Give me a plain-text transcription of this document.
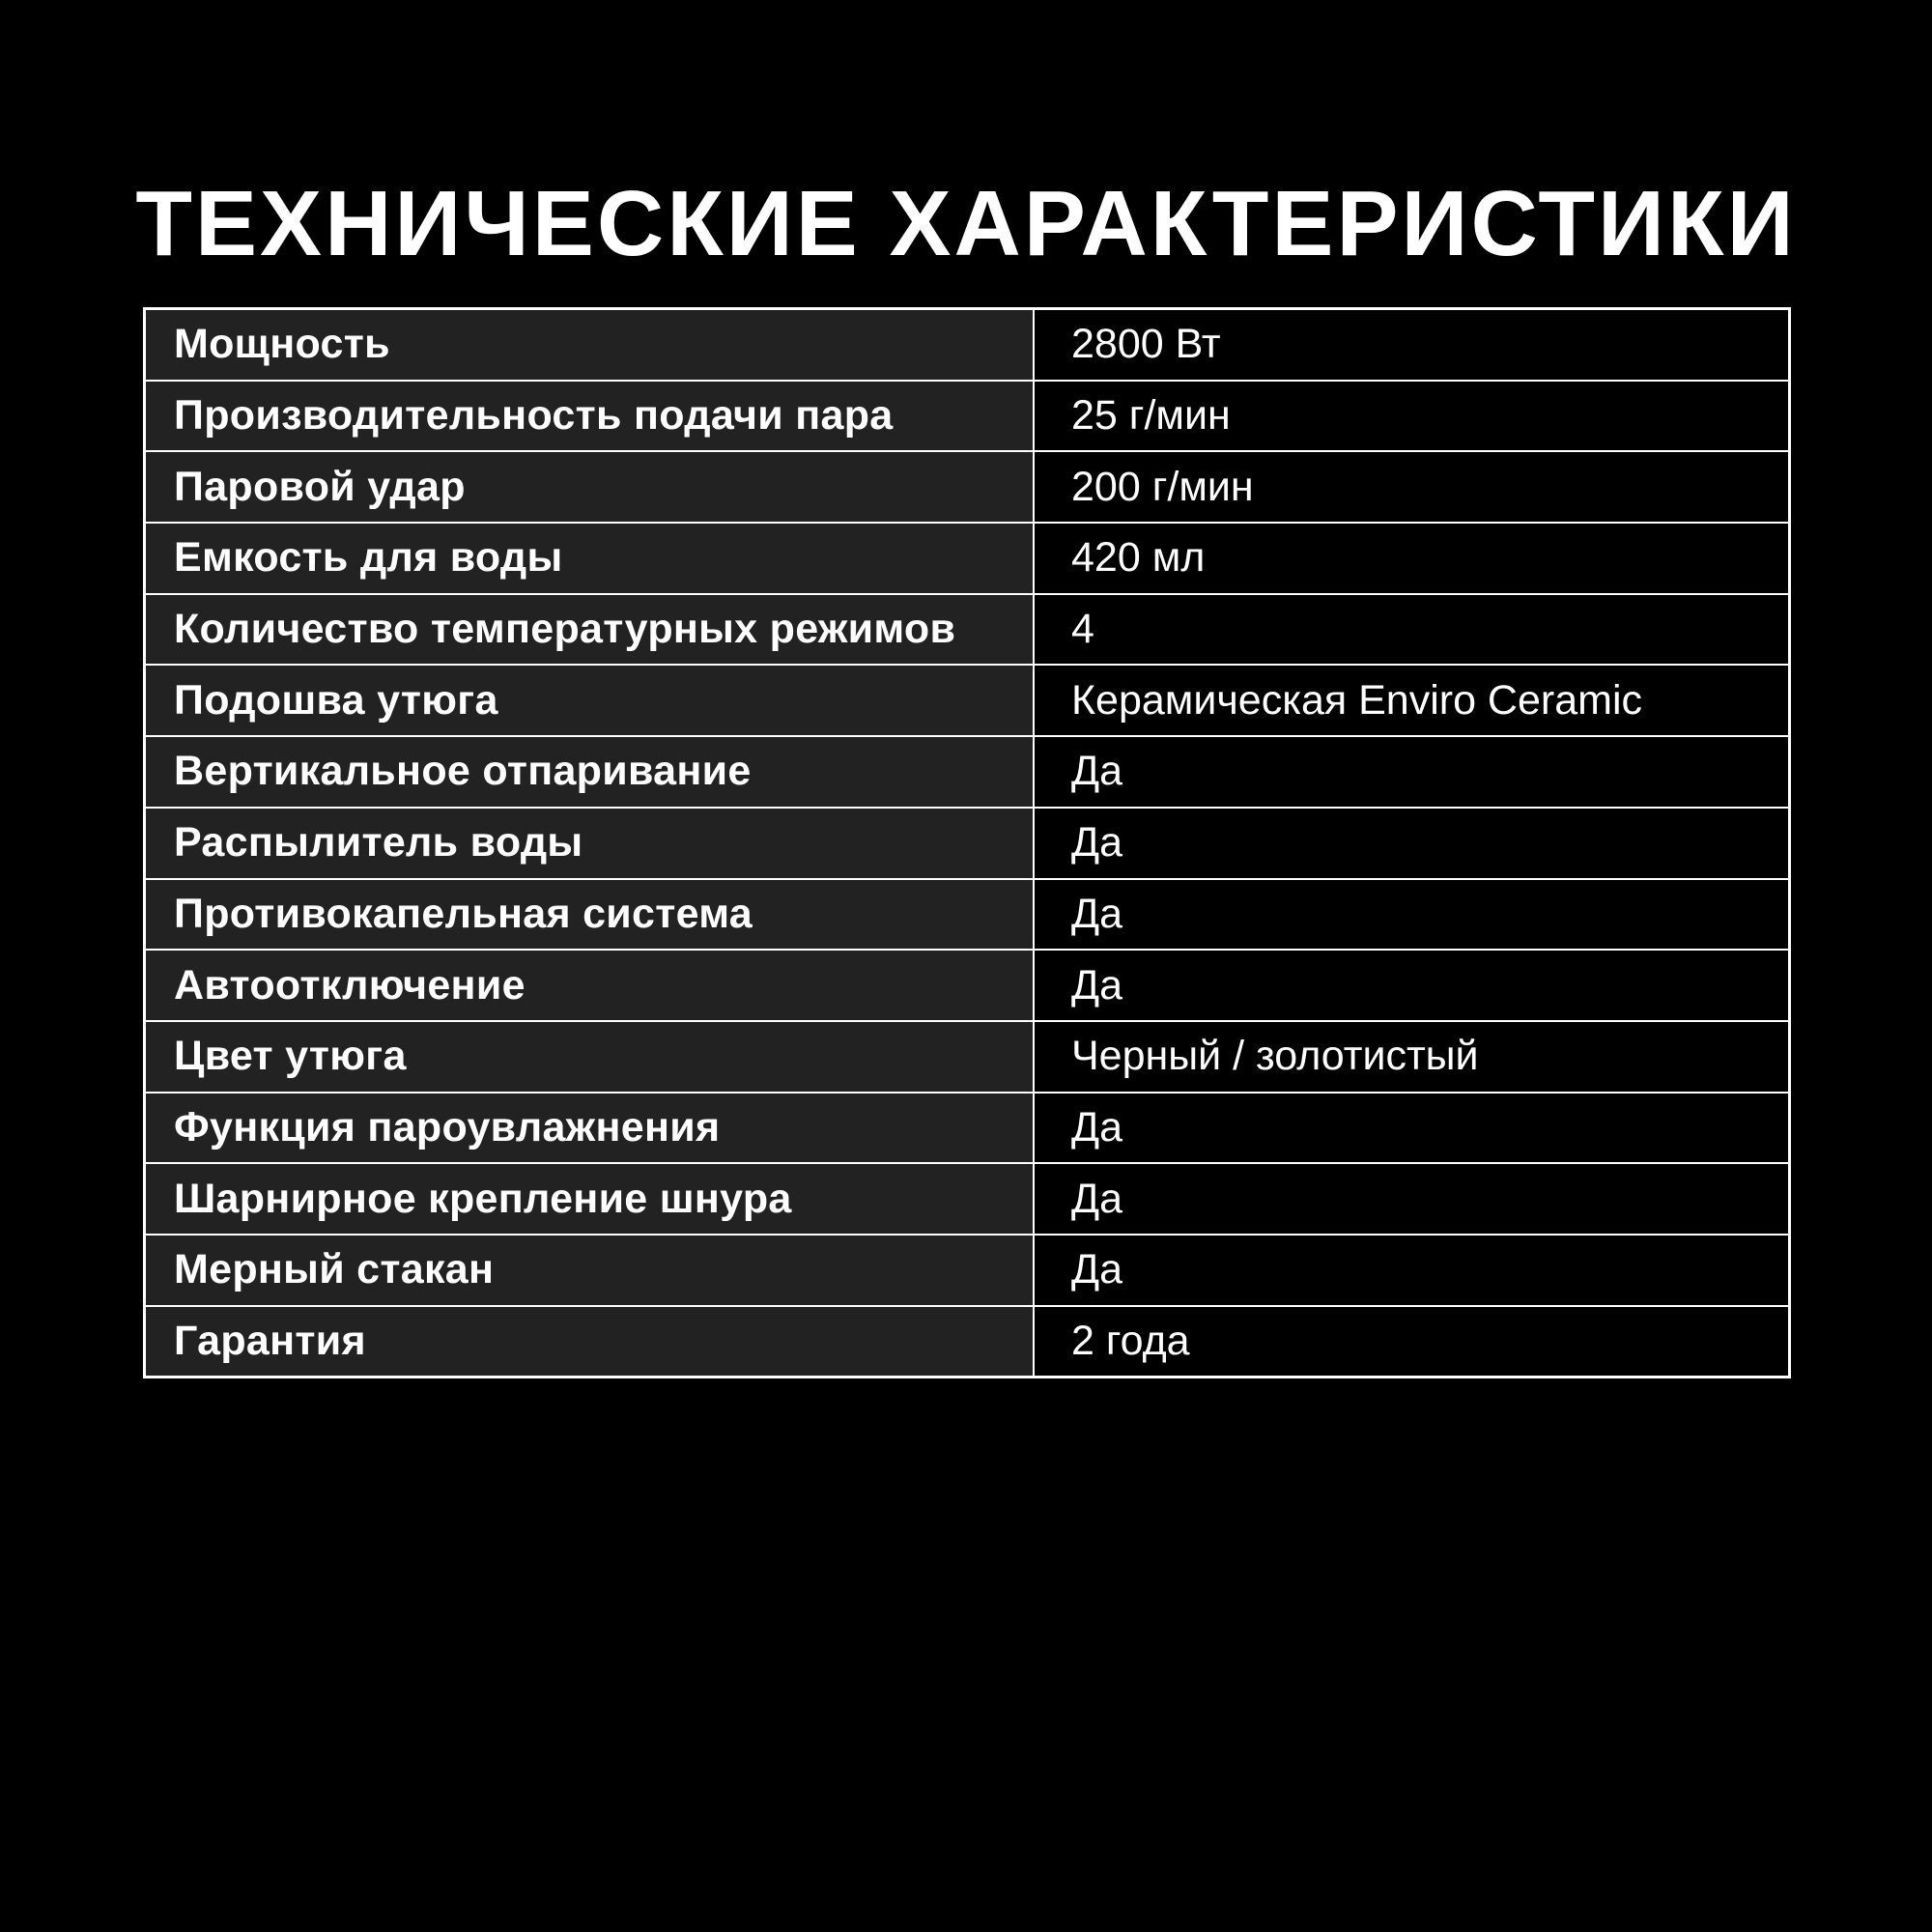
ТЕХНИЧЕСКИЕ ХАРАКТЕРИСТИКИ
Мощность	2800 Вт
Производительность подачи пара	25 г/мин
Паровой удар	200 г/мин
Емкость для воды	420 мл
Количество температурных режимов	4
Подошва утюга	Керамическая Enviro Ceramic
Вертикальное отпаривание	Да
Распылитель воды	Да
Противокапельная система	Да
Автоотключение	Да
Цвет утюга	Черный / золотистый
Функция пароувлажнения	Да
Шарнирное крепление шнура	Да
Мерный стакан	Да
Гарантия	2 года
